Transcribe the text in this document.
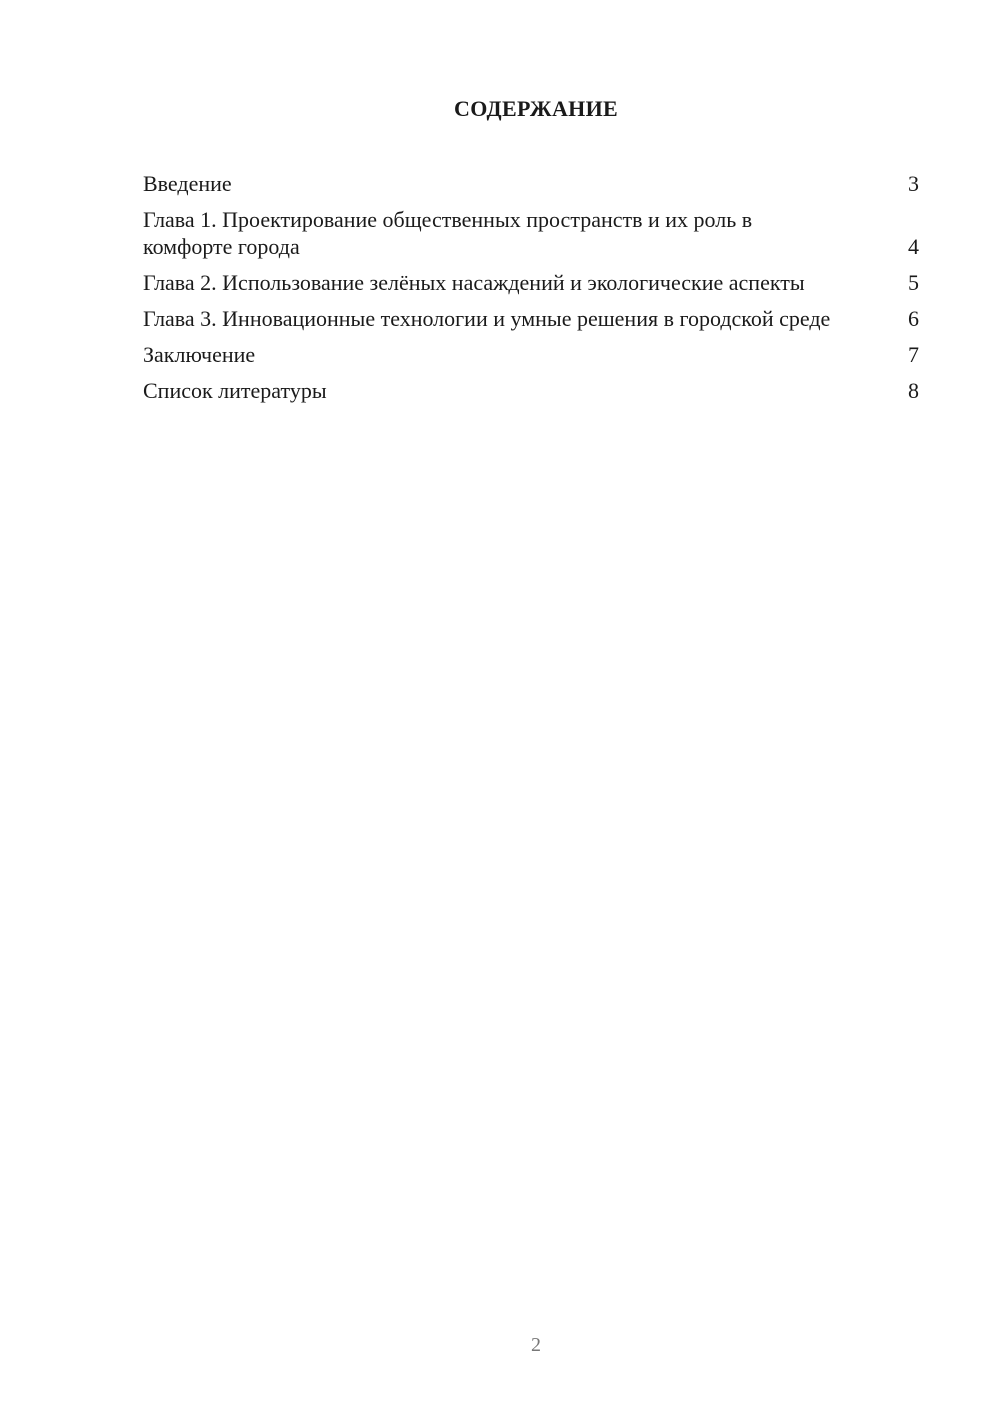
СОДЕРЖАНИЕ
Введение	3
Глава 1. Проектирование общественных пространств и их роль в комфорте города	4
Глава 2. Использование зелёных насаждений и экологические аспекты	5
Глава 3. Инновационные технологии и умные решения в городской среде	6
Заключение	7
Список литературы	8
2
